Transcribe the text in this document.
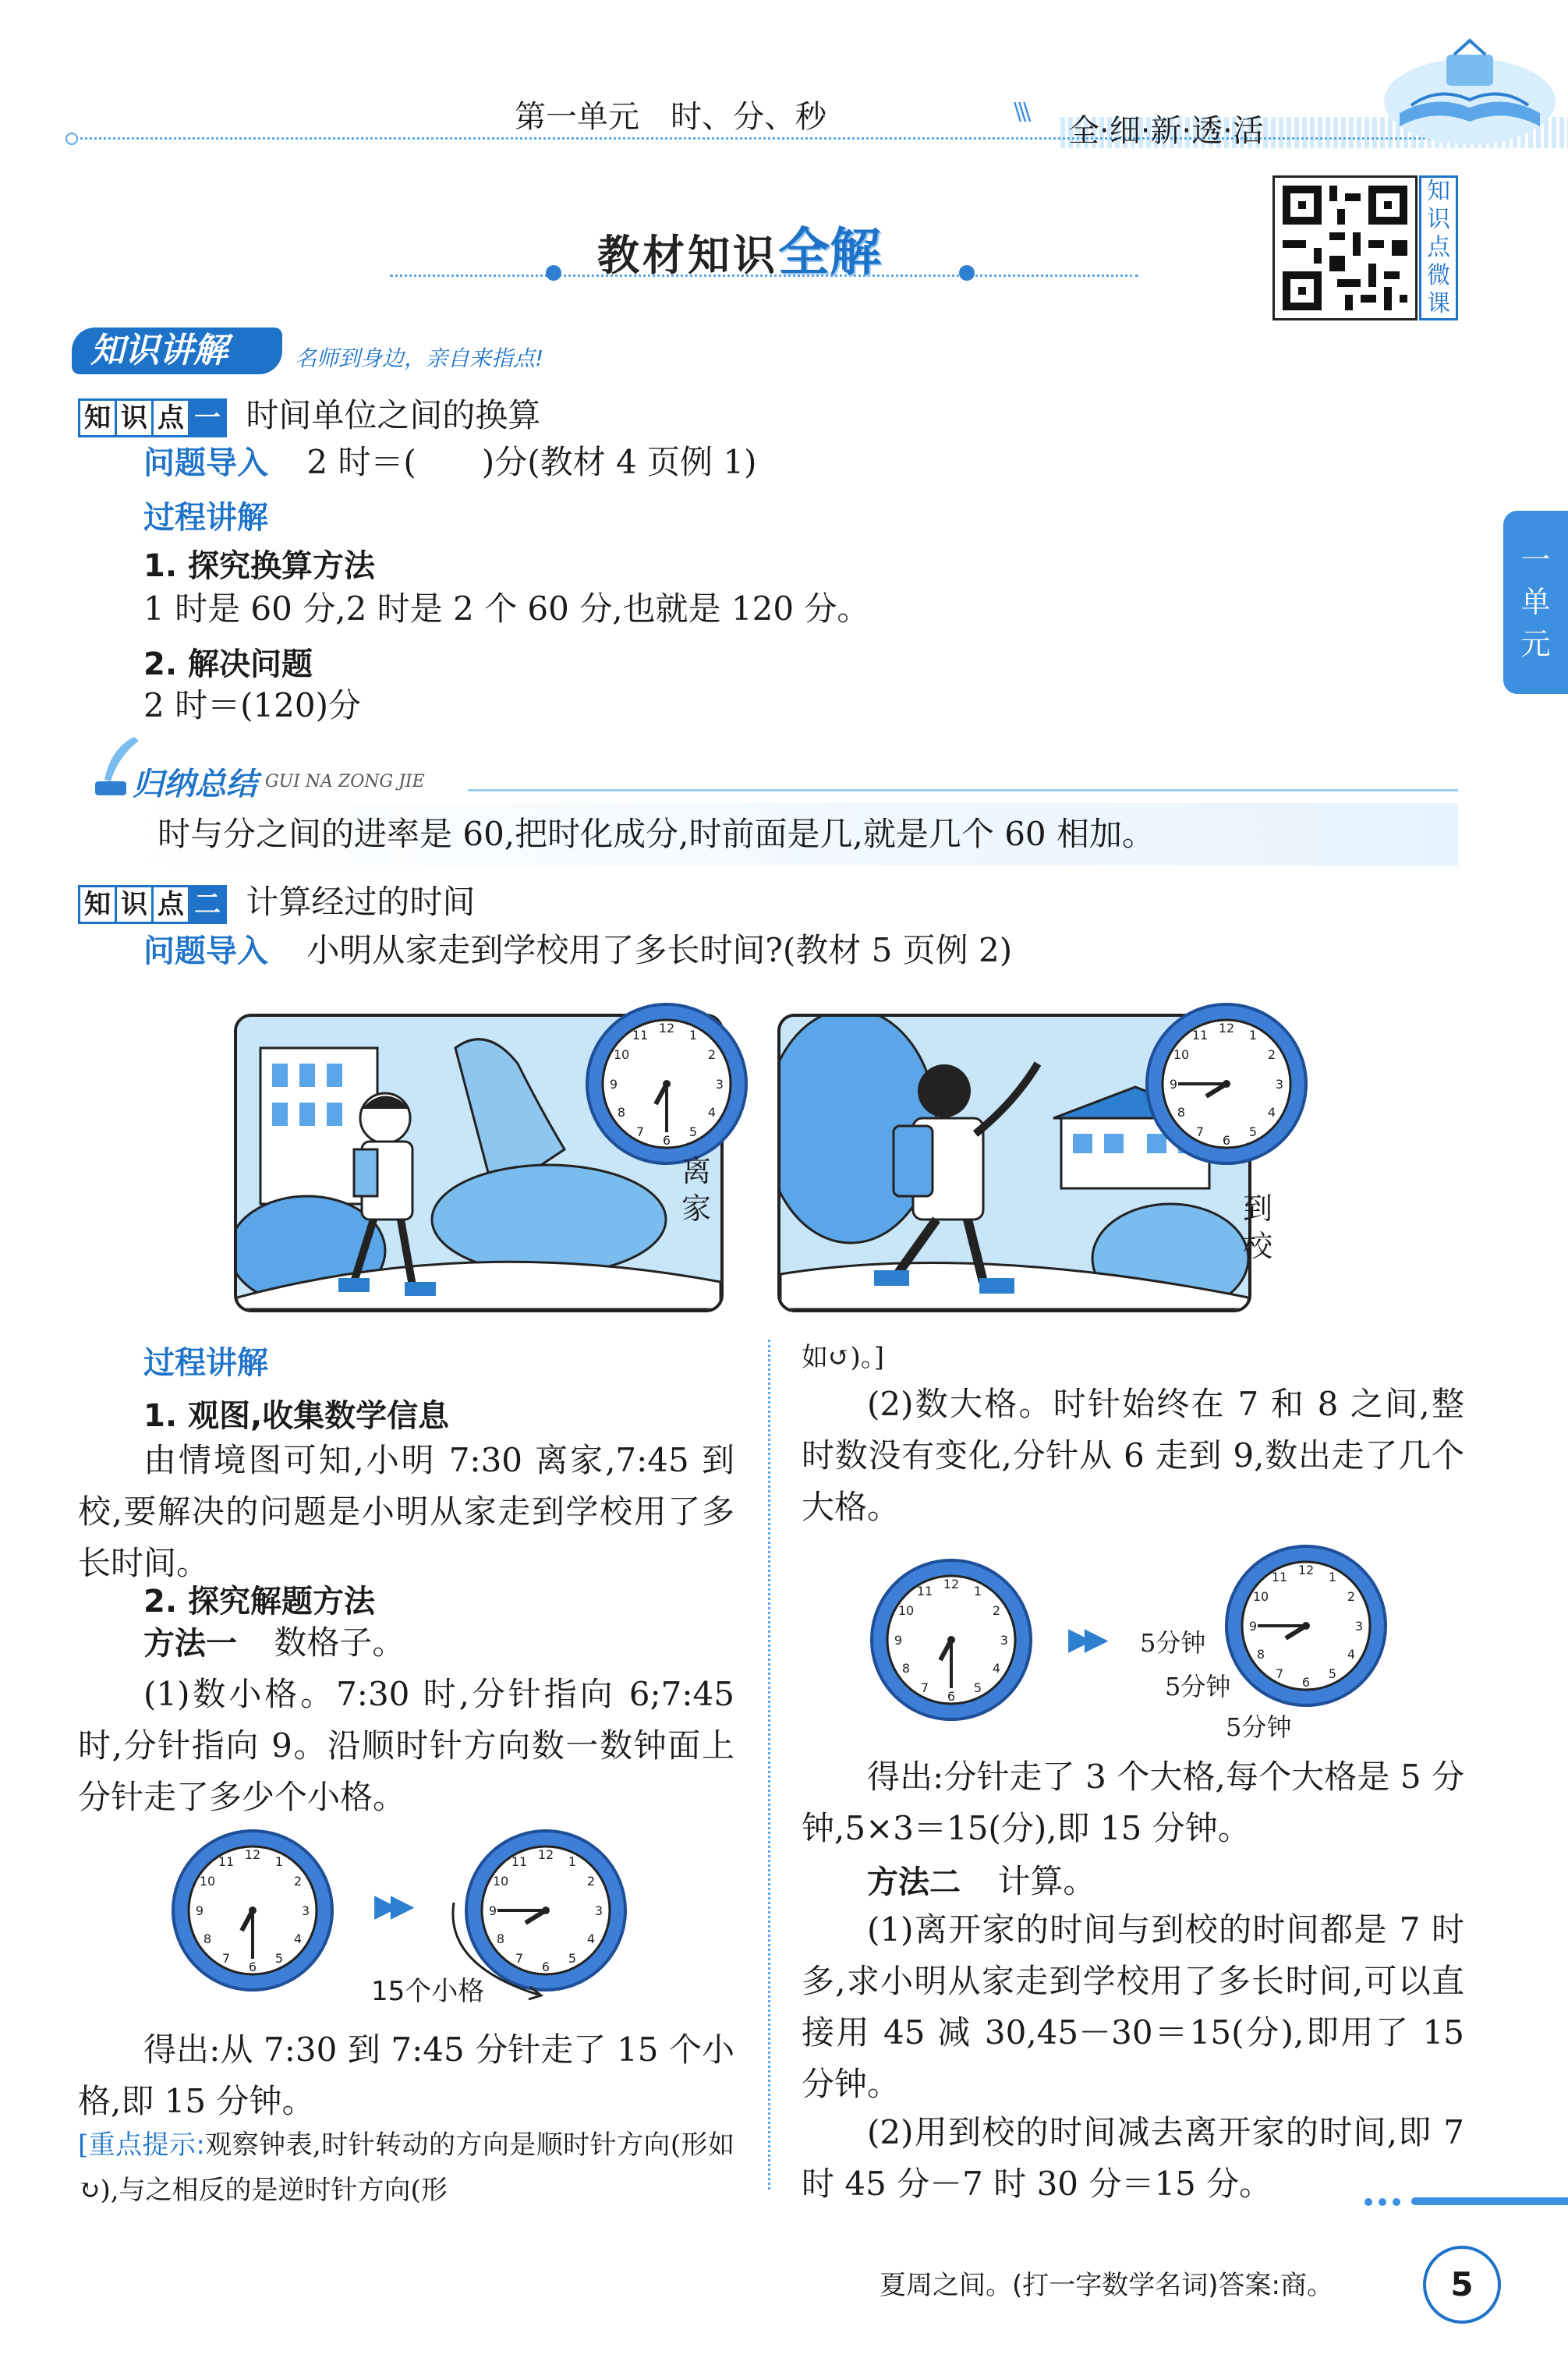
第一单元　时、分、秒	\\\
全·细·新·透·活
教材知识全解
知
识
点
微
课
知识讲解	名师到身边，亲自来指点!
一
单
元
知 识 点 一 时间单位之间的换算
问题导入 2 时＝(　　)分(教材 4 页例 1)
过程讲解
1. 探究换算方法
1 时是 60 分,2 时是 2 个 60 分,也就是 120 分。
2. 解决问题
2 时＝(120)分
归纳总结 GUI NA ZONG JIE
时与分之间的进率是 60,把时化成分,时前面是几,就是几个 60 相加。
知 识 点 二 计算经过的时间
问题导入 小明从家走到学校用了多长时间?(教材 5 页例 2)
12 1
2
3
4
5
6
7
8
9
10
11
离
家
12 1
2
3
4
5
6
7
8
9
10
11
到
校
过程讲解
1. 观图,收集数学信息
由情境图可知,小明 7:30 离家,7:45 到校,要解决的问题是小明从家走到学校用了多长时间。
2. 探究解题方法
方法一 数格子。
(1)数小格。7:30 时,分针指向 6;7:45 时,分针指向 9。沿顺时针方向数一数钟面上分针走了多少个小格。
12 1
2
3
4
5
6
7
8
9
10
11
▶▶
12 1
2
3
4
5
6
7
8
9
10
11
15个小格
得出:从 7:30 到 7:45 分针走了 15 个小格,即 15 分钟。
[重点提示:观察钟表,时针转动的方向是顺时针方向(形如↻),与之相反的是逆时针方向(形
如↺)。]
(2)数大格。时针始终在 7 和 8 之间,整时数没有变化,分针从 6 走到 9,数出走了几个大格。
12 1
2
3
4
5
6
7
8
9
10
11
▶▶
12 1
2
3
4
5
6
7
8
9
10
11
5分钟
5分钟
5分钟
得出:分针走了 3 个大格,每个大格是 5 分钟,5×3＝15(分),即 15 分钟。
方法二 计算。
(1)离开家的时间与到校的时间都是 7 时多,求小明从家走到学校用了多长时间,可以直接用 45 减 30,45－30＝15(分),即用了 15 分钟。
(2)用到校的时间减去离开家的时间,即 7 时 45 分－7 时 30 分＝15 分。
夏周之间。(打一字数学名词)答案:商。	5
